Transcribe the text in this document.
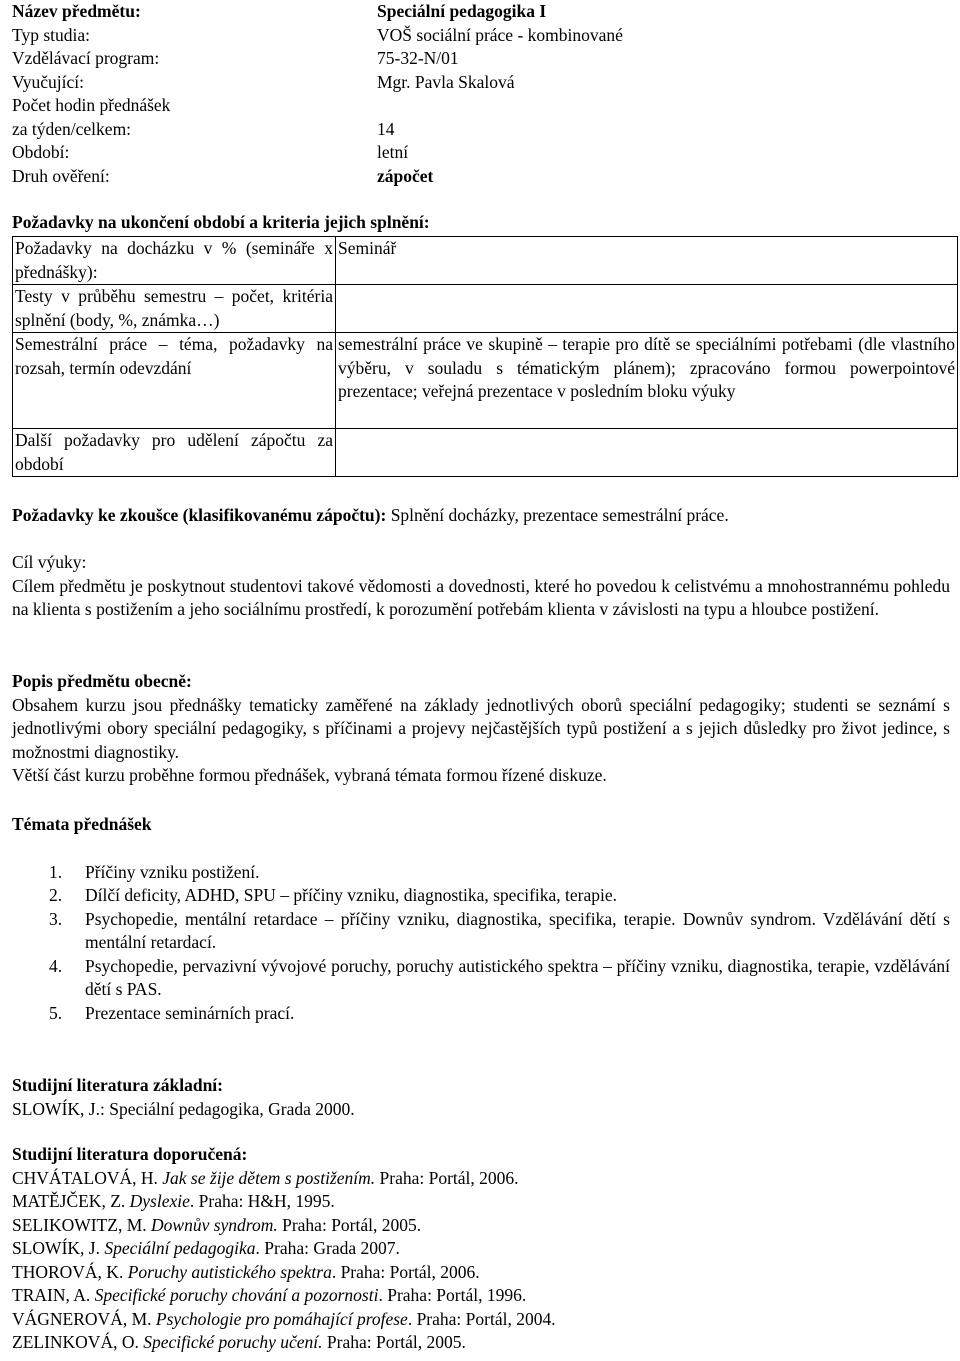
Název předmětu:	Speciální pedagogika I
Typ studia:	VOŠ sociální práce - kombinované
Vzdělávací program:	75-32-N/01
Vyučující:	Mgr. Pavla Skalová
Počet hodin přednášek
za týden/celkem:	14
Období:	letní
Druh ověření:	zápočet
Požadavky na ukončení období a kriteria jejich splnění:
Požadavky na docházku v % (semináře x přednášky):	Seminář
Testy v průběhu semestru – počet, kritéria splnění (body, %, známka…)	
Semestrální práce – téma, požadavky na rozsah, termín odevzdání	semestrální práce ve skupině – terapie pro dítě se speciálními potřebami (dle vlastního výběru, v souladu s tématickým plánem); zpracováno formou powerpointové prezentace; veřejná prezentace v posledním bloku výuky
Další požadavky pro udělení zápočtu za období	
Požadavky ke zkoušce (klasifikovanému zápočtu): Splnění docházky, prezentace semestrální práce.
Cíl výuky:
Cílem předmětu je poskytnout studentovi takové vědomosti a dovednosti, které ho povedou k celistvému a mnohostrannému pohledu na klienta s postižením a jeho sociálnímu prostředí, k porozumění potřebám klienta v závislosti na typu a hloubce postižení.
Popis předmětu obecně:
Obsahem kurzu jsou přednášky tematicky zaměřené na základy jednotlivých oborů speciální pedagogiky; studenti se seznámí s jednotlivými obory speciální pedagogiky, s příčinami a projevy nejčastějších typů postižení a s jejich důsledky pro život jedince, s možnostmi diagnostiky.
Větší část kurzu proběhne formou přednášek, vybraná témata formou řízené diskuze.
Témata přednášek
1. Příčiny vzniku postižení.
2. Dílčí deficity, ADHD, SPU – příčiny vzniku, diagnostika, specifika, terapie.
3. Psychopedie, mentální retardace – příčiny vzniku, diagnostika, specifika, terapie. Downův syndrom. Vzdělávání dětí s mentální retardací.
4. Psychopedie, pervazivní vývojové poruchy, poruchy autistického spektra – příčiny vzniku, diagnostika, terapie, vzdělávání dětí s PAS.
5. Prezentace seminárních prací.
Studijní literatura základní:
SLOWÍK, J.: Speciální pedagogika, Grada 2000.
Studijní literatura doporučená:
CHVÁTALOVÁ, H. Jak se žije dětem s postižením. Praha: Portál, 2006.
MATĚJČEK, Z. Dyslexie. Praha: H&H, 1995.
SELIKOWITZ, M. Downův syndrom. Praha: Portál, 2005.
SLOWÍK, J. Speciální pedagogika. Praha: Grada 2007.
THOROVÁ, K. Poruchy autistického spektra. Praha: Portál, 2006.
TRAIN, A. Specifické poruchy chování a pozornosti. Praha: Portál, 1996.
VÁGNEROVÁ, M. Psychologie pro pomáhající profese. Praha: Portál, 2004.
ZELINKOVÁ, O. Specifické poruchy učení. Praha: Portál, 2005.
